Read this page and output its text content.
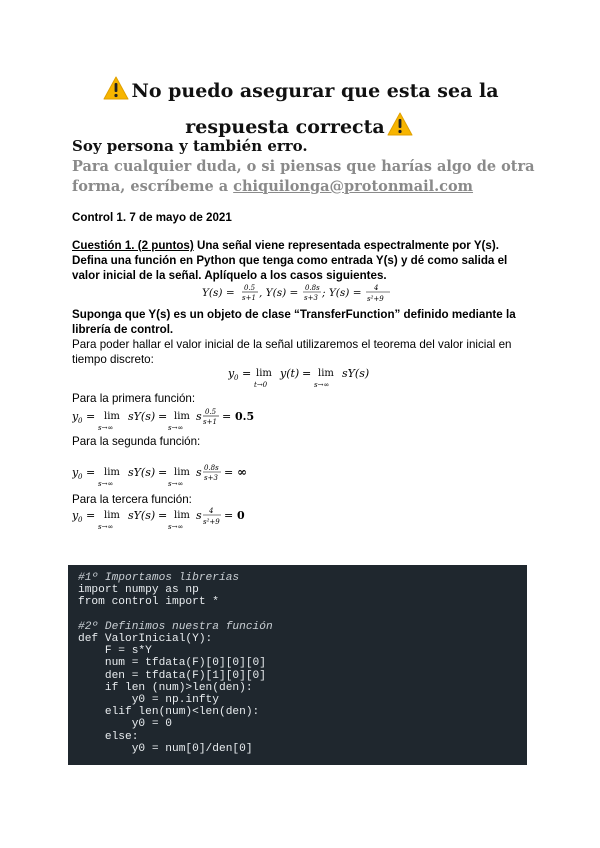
No puedo asegurar que esta sea la
respuesta correcta
Soy persona y también erro.
Para cualquier duda, o si piensas que harías algo de otra
forma, escríbeme a chiquilonga@protonmail.com
Control 1. 7 de mayo de 2021
Cuestión 1. (2 puntos) Una señal viene representada espectralmente por Y(s). Defina una función en Python que tenga como entrada Y(s) y dé como salida el valor inicial de la señal. Aplíquelo a los casos siguientes.
Y(s) = 0.5
s+1 , Y(s) = 0.8s
s+3 ; Y(s) = 4
s²+9
Suponga que Y(s) es un objeto de clase “TransferFunction” definido mediante la librería de control.
Para poder hallar el valor inicial de la señal utilizaremos el teorema del valor inicial en tiempo discreto:
y 0 = lim
t→0
y(t) = lim
s→∞
sY(s)
Para la primera función:
y 0 = lim
s→∞
sY(s) = lim
s→∞
s 0.5
s+1 = 0.5
Para la segunda función:
y 0 = lim
s→∞
sY(s) = lim
s→∞
s 0.8s
s+3 = ∞
Para la tercera función:
y 0 = lim
s→∞
sY(s) = lim
s→∞
s 4
s²+9 = 0
#1º Importamos librerías
import numpy as np
from control import *

#2º Definimos nuestra función
def ValorInicial(Y):
F = s*Y
num = tfdata(F)[0][0][0]
den = tfdata(F)[1][0][0]
if len (num)>len(den):
y0 = np.infty
elif len(num)<len(den):
y0 = 0
else:
y0 = num[0]/den[0]
